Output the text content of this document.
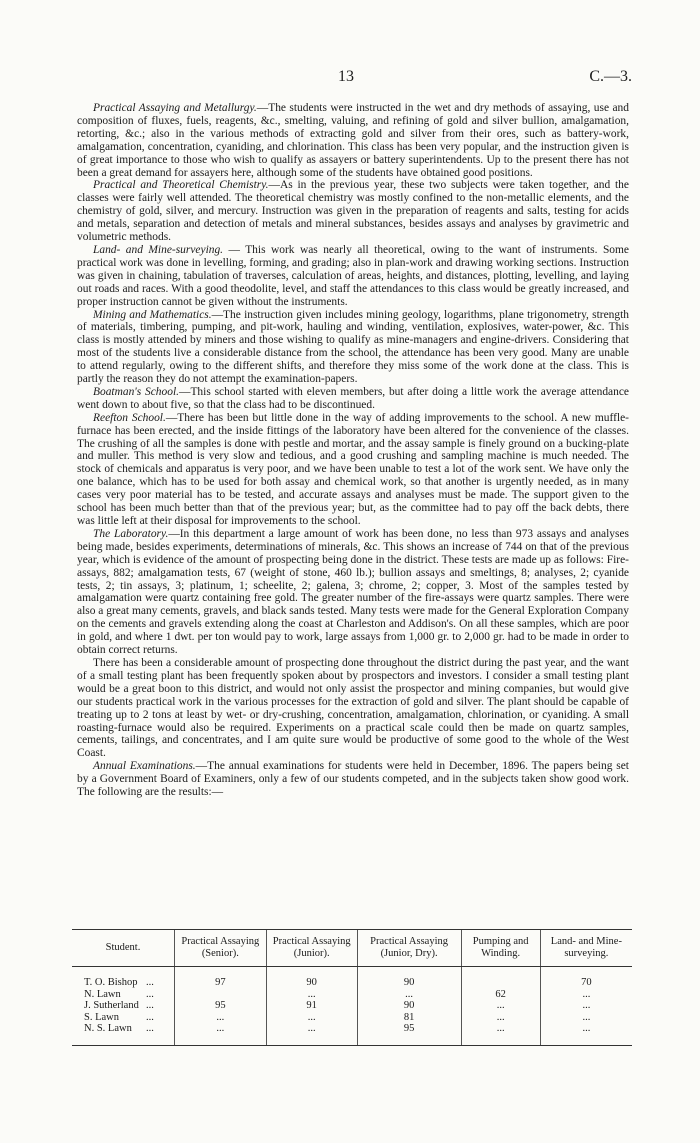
13	C.—3.

Practical Assaying and Metallurgy.—The students were instructed in the wet and dry methods of assaying, use and composition of fluxes, fuels, reagents, &c., smelting, valuing, and refining of gold and silver bullion, amalgamation, retorting, &c.; also in the various methods of extracting gold and silver from their ores, such as battery-work, amalgamation, concentration, cyaniding, and chlorination. This class has been very popular, and the instruction given is of great importance to those who wish to qualify as assayers or battery superintendents. Up to the present there has not been a great demand for assayers here, although some of the students have obtained good positions.

Practical and Theoretical Chemistry.—As in the previous year, these two subjects were taken together, and the classes were fairly well attended. The theoretical chemistry was mostly confined to the non-metallic elements, and the chemistry of gold, silver, and mercury. Instruction was given in the preparation of reagents and salts, testing for acids and metals, separation and detection of metals and mineral substances, besides assays and analyses by gravimetric and volumetric methods.

Land- and Mine-surveying. — This work was nearly all theoretical, owing to the want of instruments. Some practical work was done in levelling, forming, and grading; also in plan-work and drawing working sections. Instruction was given in chaining, tabulation of traverses, calculation of areas, heights, and distances, plotting, levelling, and laying out roads and races. With a good theodolite, level, and staff the attendances to this class would be greatly increased, and proper instruction cannot be given without the instruments.

Mining and Mathematics.—The instruction given includes mining geology, logarithms, plane trigonometry, strength of materials, timbering, pumping, and pit-work, hauling and winding, ventilation, explosives, water-power, &c. This class is mostly attended by miners and those wishing to qualify as mine-managers and engine-drivers. Considering that most of the students live a considerable distance from the school, the attendance has been very good. Many are unable to attend regularly, owing to the different shifts, and therefore they miss some of the work done at the class. This is partly the reason they do not attempt the examination-papers.

Boatman's School.—This school started with eleven members, but after doing a little work the average attendance went down to about five, so that the class had to be discontinued.

Reefton School.—There has been but little done in the way of adding improvements to the school. A new muffle-furnace has been erected, and the inside fittings of the laboratory have been altered for the convenience of the classes. The crushing of all the samples is done with pestle and mortar, and the assay sample is finely ground on a bucking-plate and muller. This method is very slow and tedious, and a good crushing and sampling machine is much needed. The stock of chemicals and apparatus is very poor, and we have been unable to test a lot of the work sent. We have only the one balance, which has to be used for both assay and chemical work, so that another is urgently needed, as in many cases very poor material has to be tested, and accurate assays and analyses must be made. The support given to the school has been much better than that of the previous year; but, as the committee had to pay off the back debts, there was little left at their disposal for improvements to the school.

The Laboratory.—In this department a large amount of work has been done, no less than 973 assays and analyses being made, besides experiments, determinations of minerals, &c. This shows an increase of 744 on that of the previous year, which is evidence of the amount of prospecting being done in the district. These tests are made up as follows: Fire-assays, 882; amalgamation tests, 67 (weight of stone, 460 lb.); bullion assays and smeltings, 8; analyses, 2; cyanide tests, 2; tin assays, 3; platinum, 1; scheelite, 2; galena, 3; chrome, 2; copper, 3. Most of the samples tested by amalgamation were quartz containing free gold. The greater number of the fire-assays were quartz samples. There were also a great many cements, gravels, and black sands tested. Many tests were made for the General Exploration Company on the cements and gravels extending along the coast at Charleston and Addison's. On all these samples, which are poor in gold, and where 1 dwt. per ton would pay to work, large assays from 1,000 gr. to 2,000 gr. had to be made in order to obtain correct returns.

There has been a considerable amount of prospecting done throughout the district during the past year, and the want of a small testing plant has been frequently spoken about by prospectors and investors. I consider a small testing plant would be a great boon to this district, and would not only assist the prospector and mining companies, but would give our students practical work in the various processes for the extraction of gold and silver. The plant should be capable of treating up to 2 tons at least by wet- or dry-crushing, concentration, amalgamation, chlorination, or cyaniding. A small roasting-furnace would also be required. Experiments on a practical scale could then be made on quartz samples, cements, tailings, and concentrates, and I am quite sure would be productive of some good to the whole of the West Coast.

Annual Examinations.—The annual examinations for students were held in December, 1896. The papers being set by a Government Board of Examiners, only a few of our students competed, and in the subjects taken show good work. The following are the results:—

Student.	Practical Assaying (Senior).	Practical Assaying (Junior).	Practical Assaying (Junior, Dry).	Pumping and Winding.	Land- and Mine-surveying.

T. O. Bishop ...	97	90	90		70
N. Lawn ...		...	...	62	...
J. Sutherland ...	95	91	90	...	...
S. Lawn ...	...	...	81	...	...
N. S. Lawn ...	...	...	95	...	...
